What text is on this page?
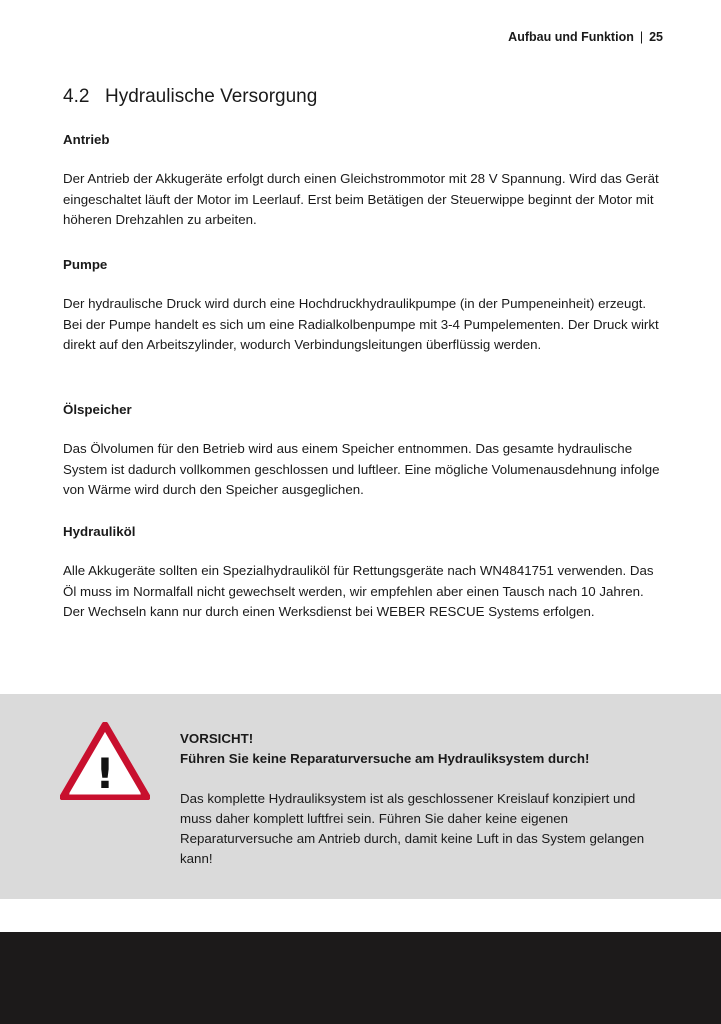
Aufbau und Funktion | 25
4.2 Hydraulische Versorgung
Antrieb

Der Antrieb der Akkugeräte erfolgt durch einen Gleichstrommotor mit 28 V Spannung. Wird das Gerät eingeschaltet läuft der Motor im Leerlauf. Erst beim Betätigen der Steuerwippe beginnt der Motor mit höheren Drehzahlen zu arbeiten.

Pumpe

Der hydraulische Druck wird durch eine Hochdruckhydraulikpumpe (in der Pumpeneinheit) erzeugt. Bei der Pumpe handelt es sich um eine Radialkolbenpumpe mit 3-4 Pumpelementen. Der Druck wirkt direkt auf den Arbeitszylinder, wodurch Verbindungsleitungen überflüssig werden.

Ölspeicher

Das Ölvolumen für den Betrieb wird aus einem Speicher entnommen. Das gesamte hydraulische System ist dadurch vollkommen geschlossen und luftleer. Eine mögliche Volumenausdehnung infolge von Wärme wird durch den Speicher ausgeglichen.

Hydrauliköl

Alle Akkugeräte sollten ein Spezialhydrauliköl für Rettungsgeräte nach WN4841751 verwenden. Das Öl muss im Normalfall nicht gewechselt werden, wir empfehlen aber einen Tausch nach 10 Jahren. Der Wechseln kann nur durch einen Werksdienst bei WEBER RESCUE Systems erfolgen.

!

VORSICHT!

Führen Sie keine Reparaturversuche am Hydrauliksystem durch!

Das komplette Hydrauliksystem ist als geschlossener Kreislauf konzipiert und muss daher komplett luftfrei sein. Führen Sie daher keine eigenen Reparaturversuche am Antrieb durch, damit keine Luft in das System gelangen kann!
